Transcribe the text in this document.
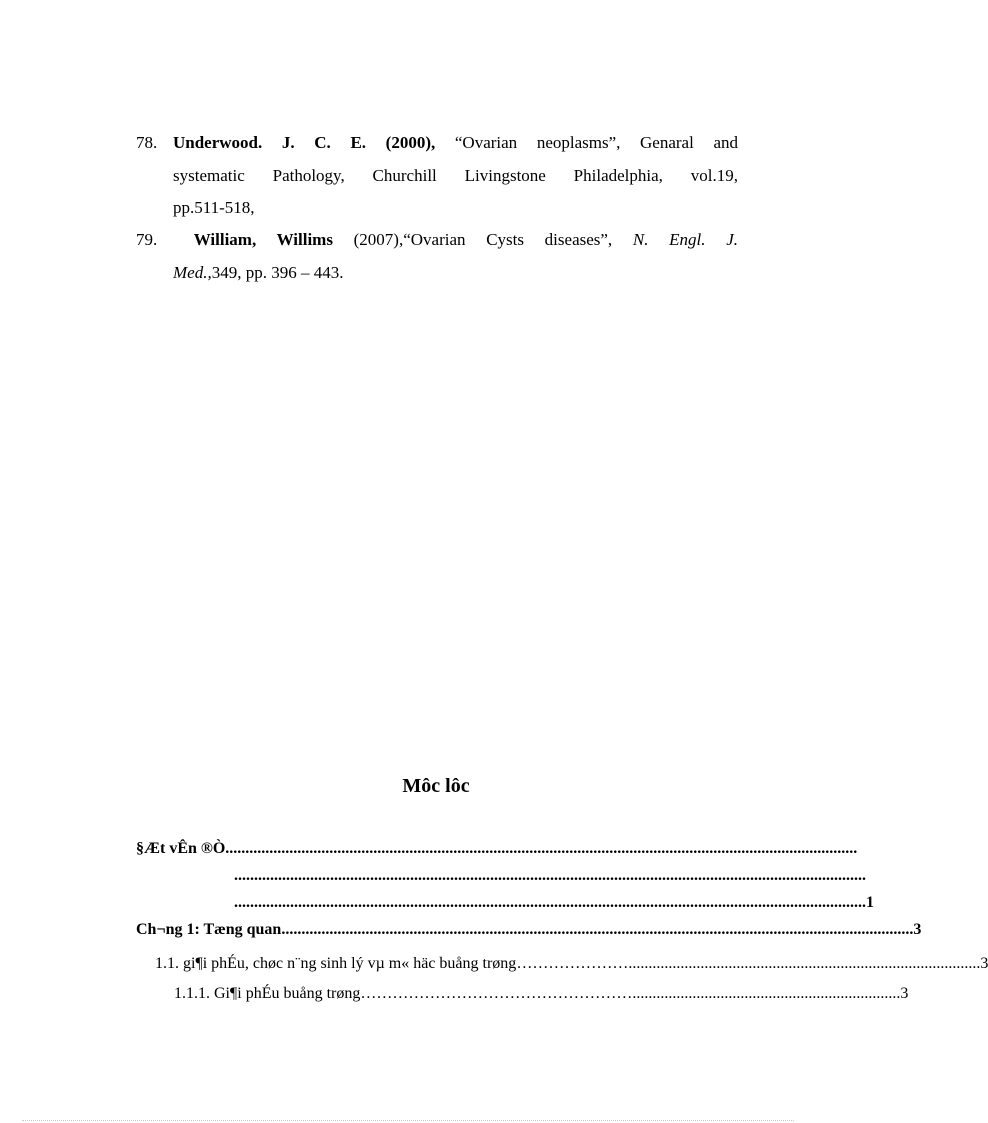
78. Underwood. J. C. E. (2000), “Ovarian neoplasms”, Genaral and
systematic Pathology, Churchill Livingstone Philadelphia, vol.19,
pp.511-518,
79.	William, Willims (2007),“Ovarian Cysts diseases”, N. Engl. J.
Med.,349, pp. 396 – 443.
Môc lôc
§Æt vÊn ®Ò ..............................................................................................................................................................
..............................................................................................................................................................
.............................................................................................................................................................. 1
Ch¬ng 1: Tæng quan .............................................................................................................................................................. 3
1.1. gi¶i phÉu, chøc n¨ng sinh lý vµ m« häc buång trøng …………………........................................................................................ 3
1.1.1. Gi¶i phÉu buång trøng ……………………………………………................................................................... 3
